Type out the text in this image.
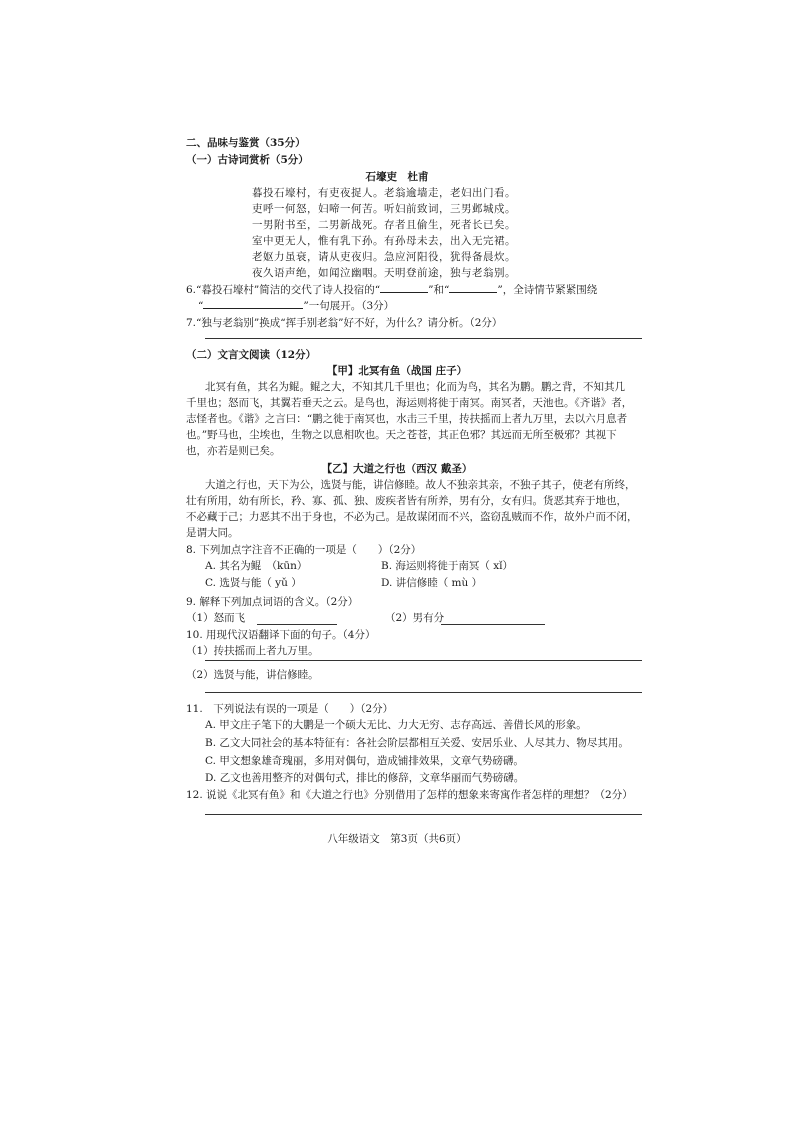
二、品味与鉴赏（35分）
（一）古诗词赏析（5分）
石壕吏　杜甫
暮投石壕村，有吏夜捉人。老翁逾墙走，老妇出门看。
吏呼一何怒，妇啼一何苦。听妇前致词，三男邺城戍。
一男附书至，二男新战死。存者且偷生，死者长已矣。
室中更无人，惟有乳下孙。有孙母未去，出入无完裙。
老妪力虽衰，请从吏夜归。急应河阳役，犹得备晨炊。
夜久语声绝，如闻泣幽咽。天明登前途，独与老翁别。
6.“暮投石壕村”简洁的交代了诗人投宿的“	”和“	”，全诗情节紧紧围绕
“	”一句展开。（3分）
7.“独与老翁别”换成“挥手别老翁”好不好，为什么？请分析。（2分）
（二）文言文阅读（12分）
【甲】北冥有鱼（战国 庄子）
北冥有鱼，其名为鲲。鲲之大，不知其几千里也；化而为鸟，其名为鹏。鹏之背，不知其几
千里也；怒而飞，其翼若垂天之云。是鸟也，海运则将徙于南冥。南冥者，天池也。《齐谐》者，
志怪者也。《谐》之言曰：“鹏之徙于南冥也，水击三千里，抟扶摇而上者九万里，去以六月息者
也。”野马也，尘埃也，生物之以息相吹也。天之苍苍，其正色邪？其远而无所至极邪？其视下
也，亦若是则已矣。
【乙】大道之行也（西汉 戴圣）
大道之行也，天下为公，选贤与能，讲信修睦。故人不独亲其亲，不独子其子，使老有所终，
壮有所用，幼有所长，矜、寡、孤、独、废疾者皆有所养，男有分，女有归。货恶其弃于地也，
不必藏于己；力恶其不出于身也，不必为己。是故谋闭而不兴，盗窃乱贼而不作，故外户而不闭，
是谓大同。
8. 下列加点字注音不正确的一项是（　　）（2分）
A. 其名为鲲　（kūn）	B. 海运则将徙于南冥（ xǐ）
C. 选贤与能（ yǔ ）	D. 讲信修睦（ mù ）
9. 解释下列加点词语的含义。（2分）
（1）怒而飞	（2）男有分
10. 用现代汉语翻译下面的句子。（4分）
（1）抟扶摇而上者九万里。
（2）选贤与能，讲信修睦。
11.　下列说法有误的一项是（　　）（2分）
A. 甲文庄子笔下的大鹏是一个硕大无比、力大无穷、志存高远、善借长风的形象。
B. 乙文大同社会的基本特征有：各社会阶层都相互关爱、安居乐业、人尽其力、物尽其用。
C. 甲文想象雄奇瑰丽，多用对偶句，造成铺排效果，文章气势磅礴。
D. 乙文也善用整齐的对偶句式，排比的修辞，文章华丽而气势磅礴。
12. 说说《北冥有鱼》和《大道之行也》分别借用了怎样的想象来寄寓作者怎样的理想？（2分）
八年级语文　第3页（共6页）
